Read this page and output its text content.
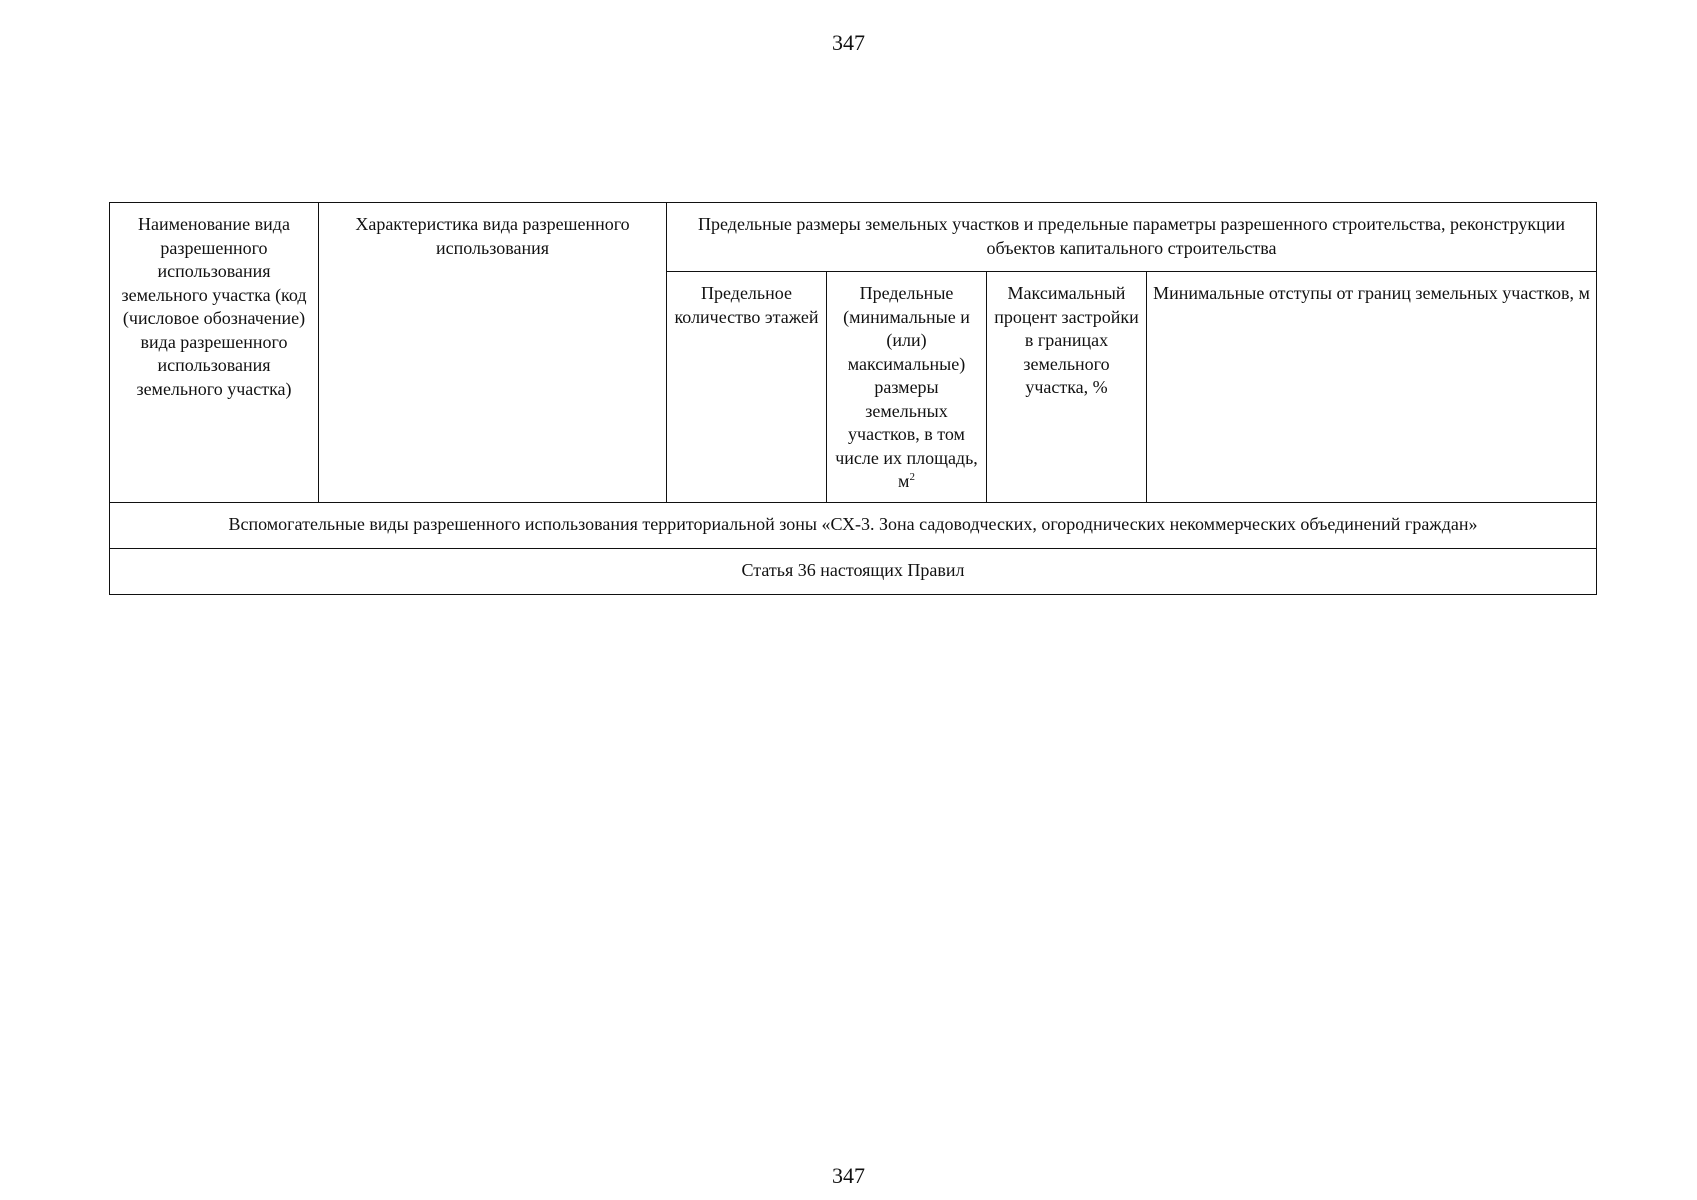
347
Наименование вида разрешенного использования земельного участка (код (числовое обозначение) вида разрешенного использования земельного участка)	Характеристика вида разрешенного использования	Предельные размеры земельных участков и предельные параметры разрешенного строительства, реконструкции объектов капитального строительства			
		Предельное количество этажей	Предельные (минимальные и (или) максимальные) размеры земельных участков, в том числе их площадь, $м^2$	Максимальный процент застройки в границах земельного участка, %	Минимальные отступы от границ земельных участков, м
Вспомогательные виды разрешенного использования территориальной зоны «СХ-3. Зона садоводческих, огороднических некоммерческих объединений граждан»					
Статья 36 настоящих Правил					
347
